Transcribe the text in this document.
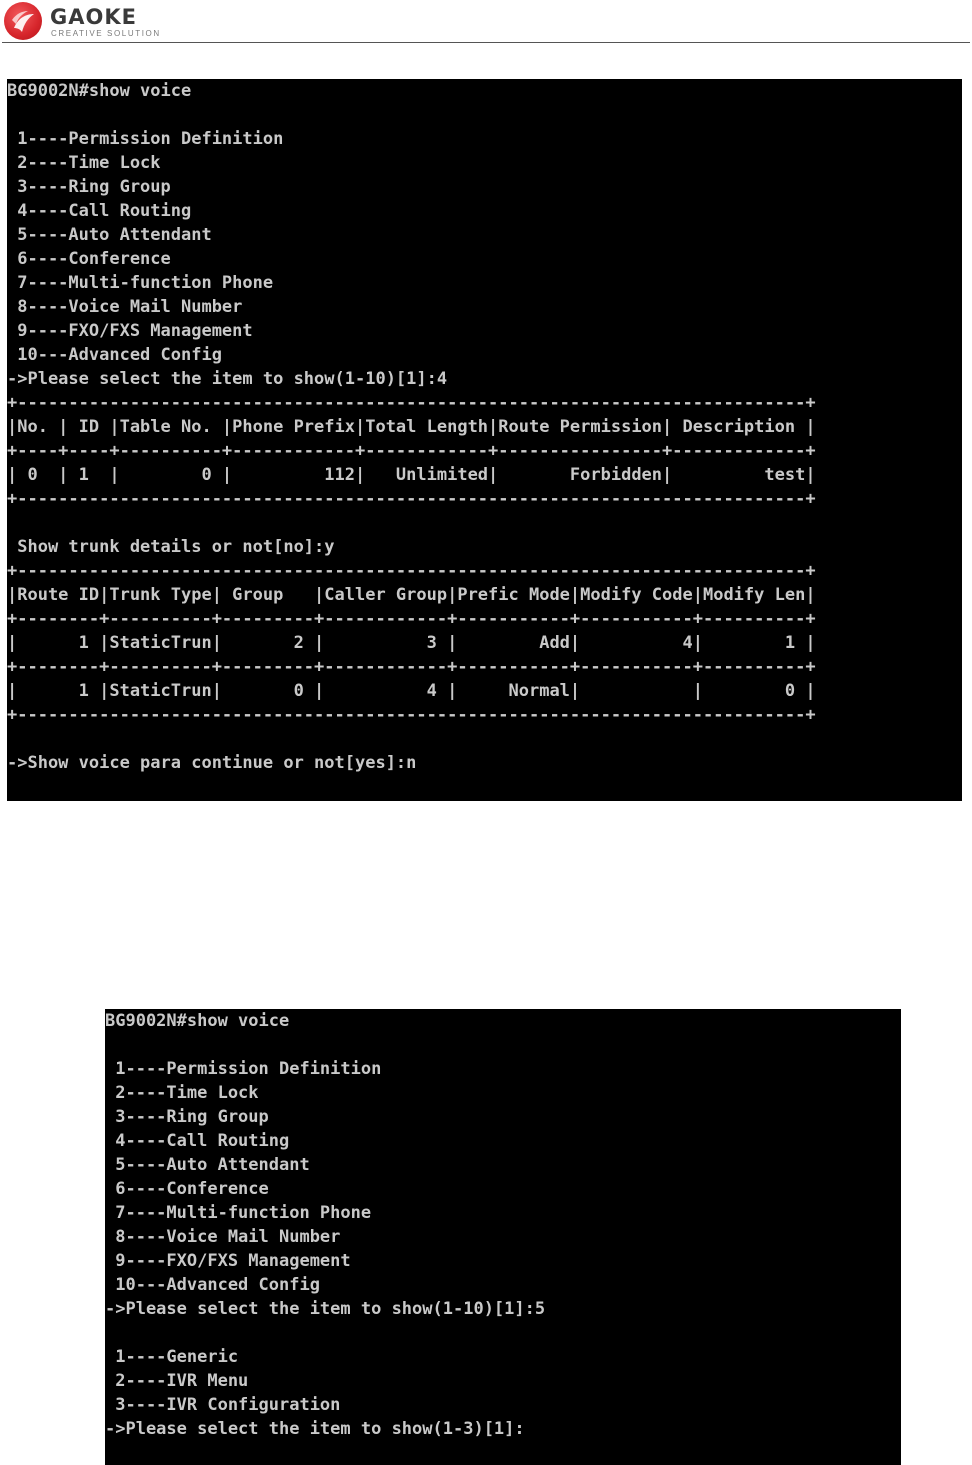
GAOKE
CREATIVE SOLUTION
BG9002N#show voice
1----Permission Definition
2----Time Lock
3----Ring Group
4----Call Routing
5----Auto Attendant
6----Conference
7----Multi-function Phone
8----Voice Mail Number
9----FXO/FXS Management
10---Advanced Config
->Please select the item to show(1-10)[1]:4
+-----------------------------------------------------------------------------+
|No. | ID |Table No. |Phone Prefix|Total Length|Route Permission| Description |
+----+----+----------+------------+------------+----------------+-------------+
| 0  | 1  |        0 |         112|   Unlimited|       Forbidden|         test|
+-----------------------------------------------------------------------------+
Show trunk details or not[no]:y
+-----------------------------------------------------------------------------+
|Route ID|Trunk Type| Group   |Caller Group|Prefic Mode|Modify Code|Modify Len|
+--------+----------+---------+------------+-----------+-----------+----------+
|      1 |StaticTrun|       2 |          3 |        Add|          4|        1 |
+--------+----------+---------+------------+-----------+-----------+----------+
|      1 |StaticTrun|       0 |          4 |     Normal|           |        0 |
+-----------------------------------------------------------------------------+
->Show voice para continue or not[yes]:n
BG9002N#show voice
1----Permission Definition
2----Time Lock
3----Ring Group
4----Call Routing
5----Auto Attendant
6----Conference
7----Multi-function Phone
8----Voice Mail Number
9----FXO/FXS Management
10---Advanced Config
->Please select the item to show(1-10)[1]:5
1----Generic
2----IVR Menu
3----IVR Configuration
->Please select the item to show(1-3)[1]:
